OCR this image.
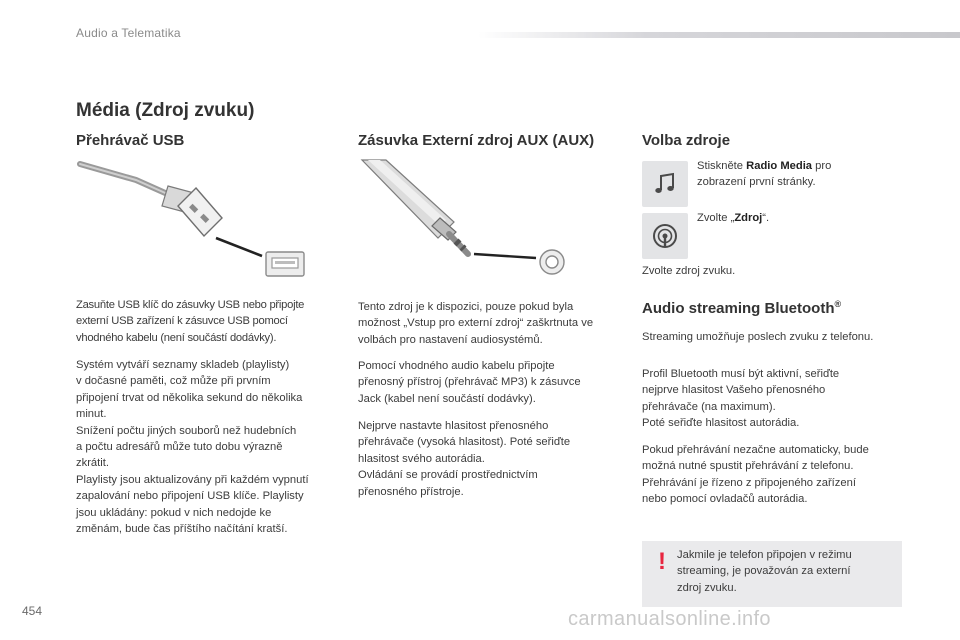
Audio a Telematika
Média (Zdroj zvuku)
Přehrávač USB
Zasuňte USB klíč do zásuvky USB nebo připojte
externí USB zařízení k zásuvce USB pomocí
vhodného kabelu (není součástí dodávky).
Systém vytváří seznamy skladeb (playlisty)
v dočasné paměti, což může při prvním
připojení trvat od několika sekund do několika
minut.
Snížení počtu jiných souborů než hudebních
a počtu adresářů může tuto dobu výrazně
zkrátit.
Playlisty jsou aktualizovány při každém vypnutí
zapalování nebo připojení USB klíče. Playlisty
jsou ukládány: pokud v nich nedojde ke
změnám, bude čas příštího načítání kratší.
Zásuvka Externí zdroj AUX (AUX)
Tento zdroj je k dispozici, pouze pokud byla
možnost „Vstup pro externí zdroj“ zaškrtnuta ve
volbách pro nastavení audiosystémů.
Pomocí vhodného audio kabelu připojte
přenosný přístroj (přehrávač MP3) k zásuvce
Jack (kabel není součástí dodávky).
Nejprve nastavte hlasitost přenosného
přehrávače (vysoká hlasitost). Poté seřiďte
hlasitost svého autorádia.
Ovládání se provádí prostřednictvím
přenosného přístroje.
Volba zdroje
Stiskněte Radio Media pro
zobrazení první stránky.
Zvolte „Zdroj“.
Zvolte zdroj zvuku.
Audio streaming Bluetooth®
Streaming umožňuje poslech zvuku z telefonu.
Profil Bluetooth musí být aktivní, seřiďte
nejprve hlasitost Vašeho přenosného
přehrávače (na maximum).
Poté seřiďte hlasitost autorádia.
Pokud přehrávání nezačne automaticky, bude
možná nutné spustit přehrávání z telefonu.
Přehrávání je řízeno z připojeného zařízení
nebo pomocí ovladačů autorádia.
! Jakmile je telefon připojen v režimu
streaming, je považován za externí
zdroj zvuku.
454	carmanualsonline.info
